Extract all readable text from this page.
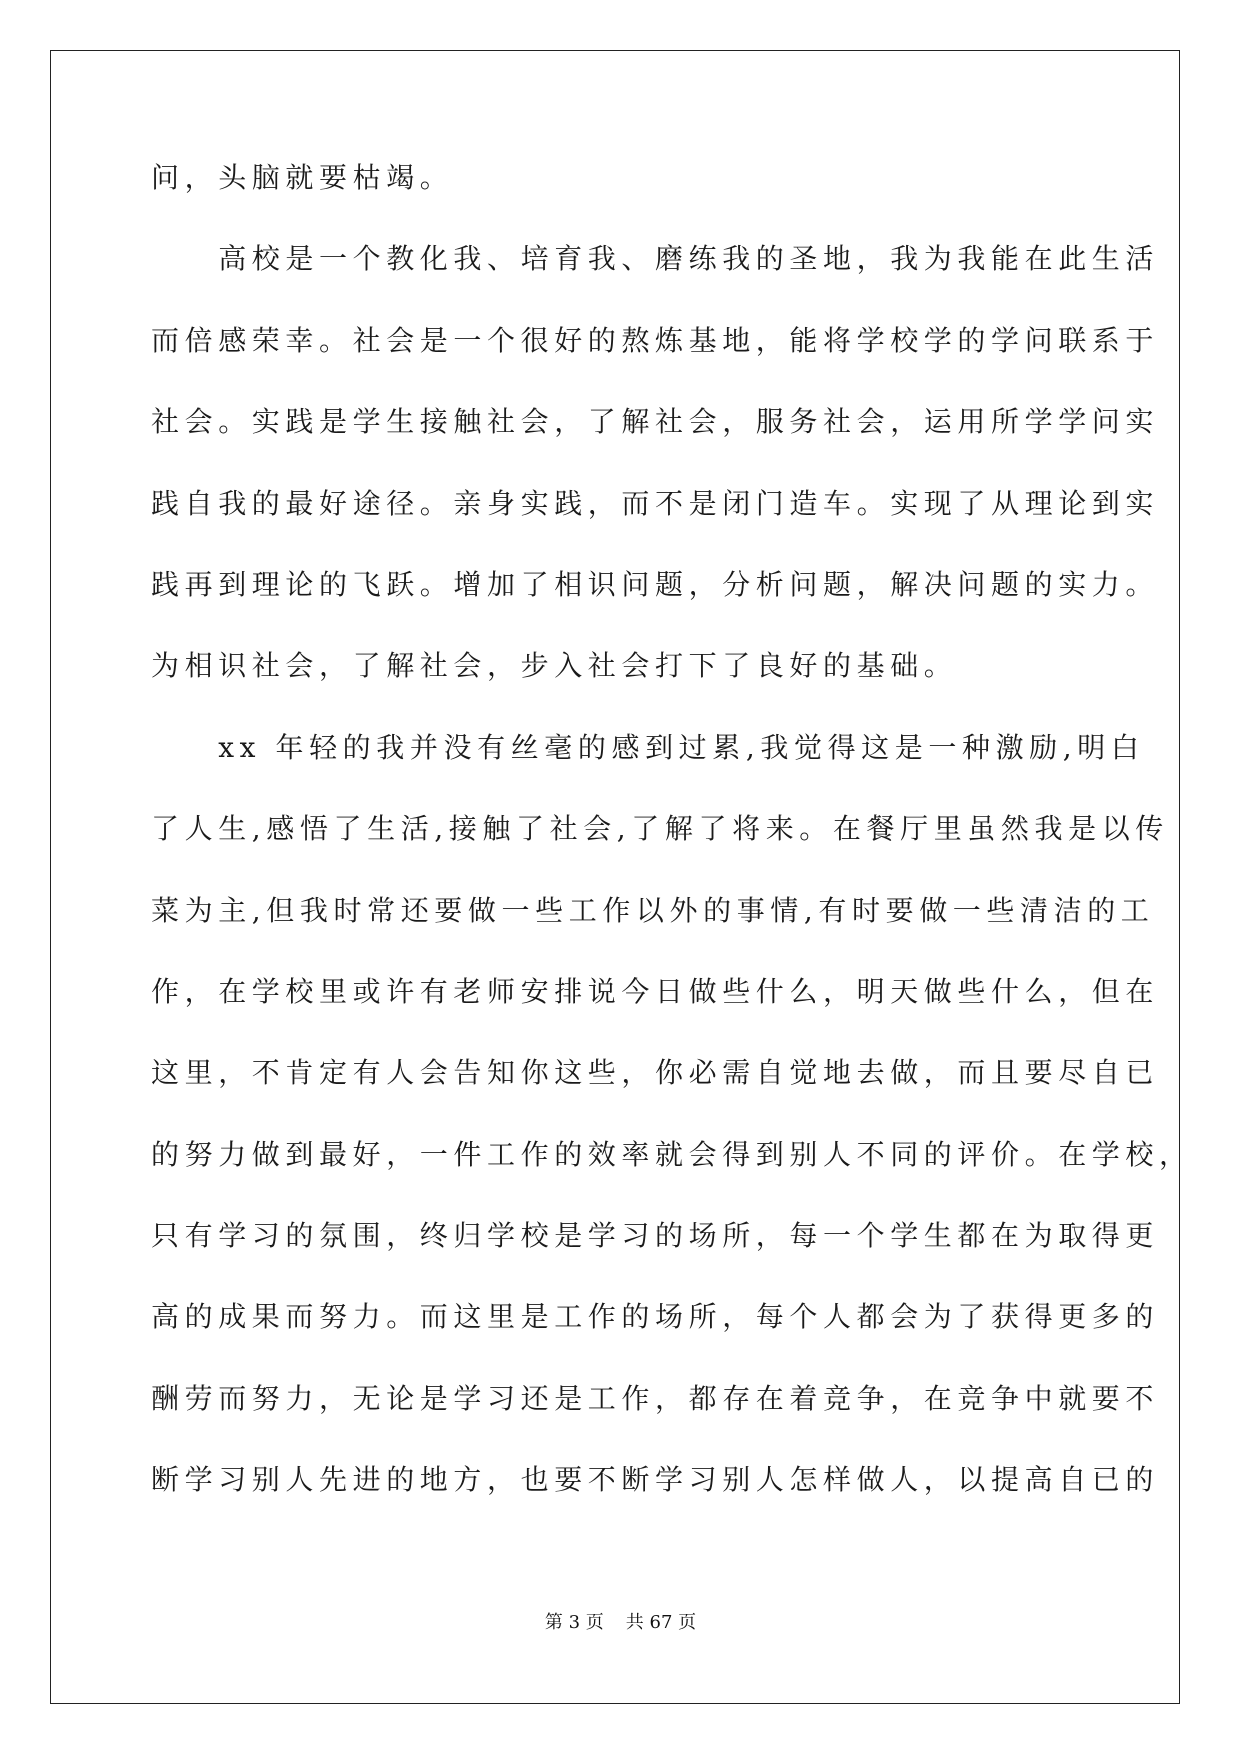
问，头脑就要枯竭。
　　高校是一个教化我、培育我、磨练我的圣地，我为我能在此生活
而倍感荣幸。社会是一个很好的熬炼基地，能将学校学的学问联系于
社会。实践是学生接触社会，了解社会，服务社会，运用所学学问实
践自我的最好途径。亲身实践，而不是闭门造车。实现了从理论到实
践再到理论的飞跃。增加了相识问题，分析问题，解决问题的实力。
为相识社会，了解社会，步入社会打下了良好的基础。
　　xx 年轻的我并没有丝毫的感到过累,我觉得这是一种激励,明白
了人生,感悟了生活,接触了社会,了解了将来。在餐厅里虽然我是以传
菜为主,但我时常还要做一些工作以外的事情,有时要做一些清洁的工
作，在学校里或许有老师安排说今日做些什么，明天做些什么，但在
这里，不肯定有人会告知你这些，你必需自觉地去做，而且要尽自已
的努力做到最好，一件工作的效率就会得到别人不同的评价。在学校，
只有学习的氛围，终归学校是学习的场所，每一个学生都在为取得更
高的成果而努力。而这里是工作的场所，每个人都会为了获得更多的
酬劳而努力，无论是学习还是工作，都存在着竞争，在竞争中就要不
断学习别人先进的地方，也要不断学习别人怎样做人，以提高自已的
第 3 页 共 67 页
